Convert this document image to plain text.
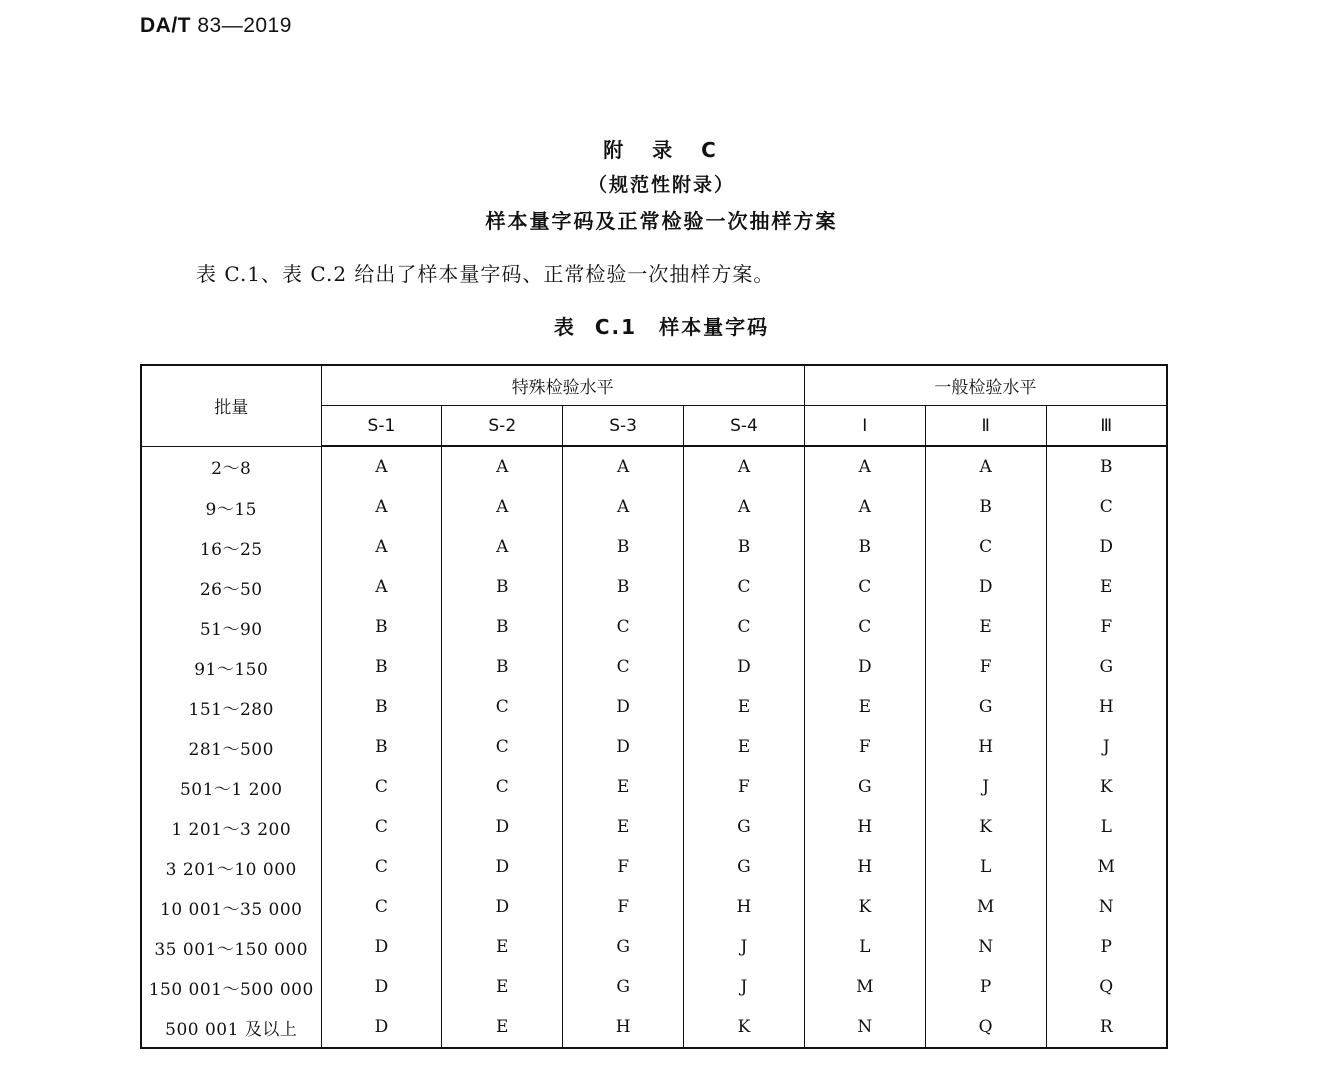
DA/T 83—2019
附 录 C
（规范性附录）
样本量字码及正常检验一次抽样方案
表 C.1、表 C.2 给出了样本量字码、正常检验一次抽样方案。
表 C.1　样本量字码
批量	特殊检验水平				一般检验水平		
	S-1	S-2	S-3	S-4	Ⅰ	Ⅱ	Ⅲ
2～8	A	A	A	A	A	A	B
9～15	A	A	A	A	A	B	C
16～25	A	A	B	B	B	C	D
26～50	A	B	B	C	C	D	E
51～90	B	B	C	C	C	E	F
91～150	B	B	C	D	D	F	G
151～280	B	C	D	E	E	G	H
281～500	B	C	D	E	F	H	J
501～1 200	C	C	E	F	G	J	K
1 201～3 200	C	D	E	G	H	K	L
3 201～10 000	C	D	F	G	H	L	M
10 001～35 000	C	D	F	H	K	M	N
35 001～150 000	D	E	G	J	L	N	P
150 001～500 000	D	E	G	J	M	P	Q
500 001 及以上	D	E	H	K	N	Q	R
